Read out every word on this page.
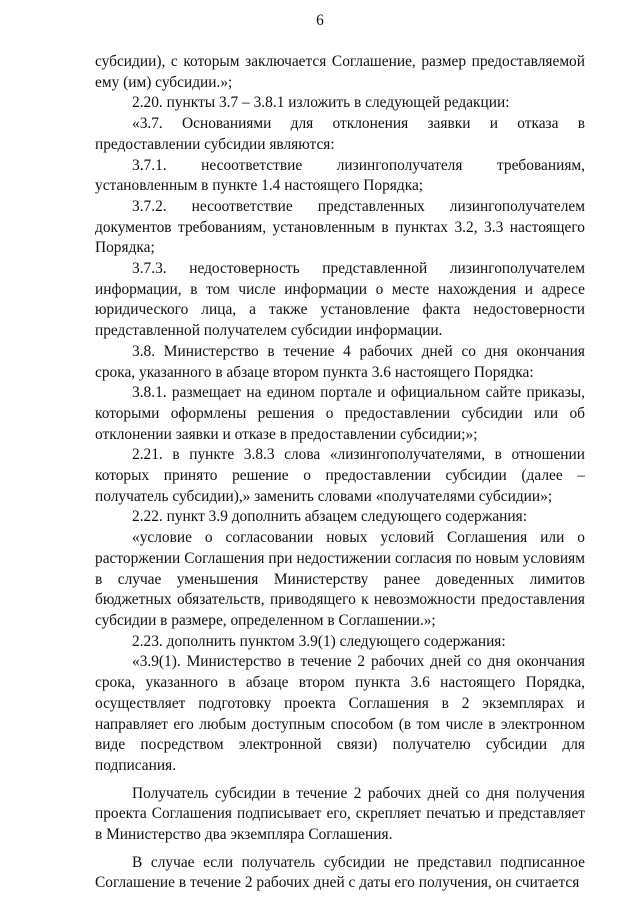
6

субсидии), с которым заключается Соглашение, размер предоставляемой ему (им) субсидии.»;

2.20. пункты 3.7 – 3.8.1 изложить в следующей редакции:

«3.7. Основаниями для отклонения заявки и отказа в предоставлении субсидии являются:

3.7.1. несоответствие лизингополучателя требованиям, установленным в пункте 1.4 настоящего Порядка;

3.7.2. несоответствие представленных лизингополучателем документов требованиям, установленным в пунктах 3.2, 3.3 настоящего Порядка;

3.7.3. недостоверность представленной лизингополучателем информации, в том числе информации о месте нахождения и адресе юридического лица, а также установление факта недостоверности представленной получателем субсидии информации.

3.8. Министерство в течение 4 рабочих дней со дня окончания срока, указанного в абзаце втором пункта 3.6 настоящего Порядка:

3.8.1. размещает на едином портале и официальном сайте приказы, которыми оформлены решения о предоставлении субсидии или об отклонении заявки и отказе в предоставлении субсидии;»;

2.21. в пункте 3.8.3 слова «лизингополучателями, в отношении которых принято решение о предоставлении субсидии (далее – получатель субсидии),» заменить словами «получателями субсидии»;

2.22. пункт 3.9 дополнить абзацем следующего содержания:

«условие о согласовании новых условий Соглашения или о расторжении Соглашения при недостижении согласия по новым условиям в случае уменьшения Министерству ранее доведенных лимитов бюджетных обязательств, приводящего к невозможности предоставления субсидии в размере, определенном в Соглашении.»;

2.23. дополнить пунктом 3.9(1) следующего содержания:

«3.9(1). Министерство в течение 2 рабочих дней со дня окончания срока, указанного в абзаце втором пункта 3.6 настоящего Порядка, осуществляет подготовку проекта Соглашения в 2 экземплярах и направляет его любым доступным способом (в том числе в электронном виде посредством электронной связи) получателю субсидии для подписания.

Получатель субсидии в течение 2 рабочих дней со дня получения проекта Соглашения подписывает его, скрепляет печатью и представляет в Министерство два экземпляра Соглашения.

В случае если получатель субсидии не представил подписанное Соглашение в течение 2 рабочих дней с даты его получения, он считается
